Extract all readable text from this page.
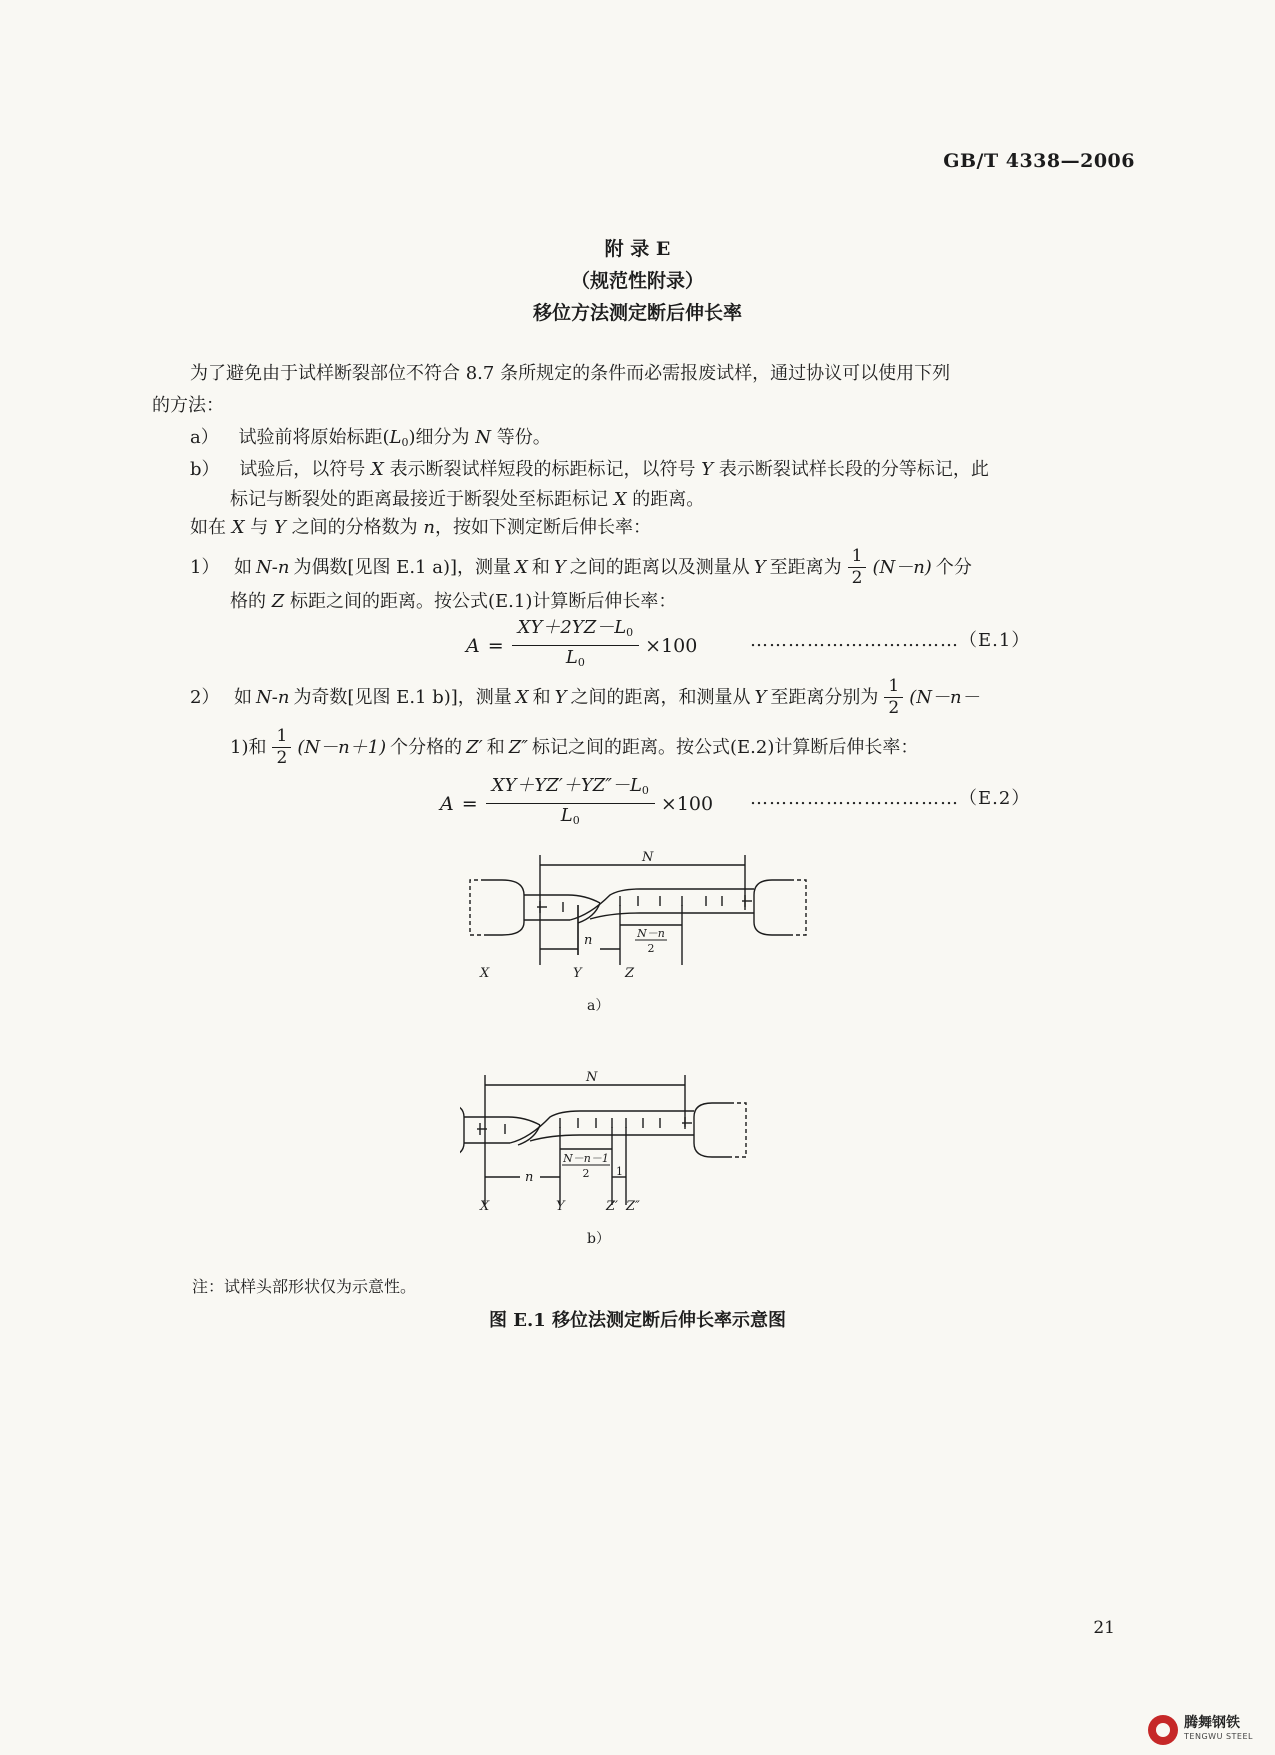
GB/T 4338—2006
附 录 E
（规范性附录）
移位方法测定断后伸长率
为了避免由于试样断裂部位不符合 8.7 条所规定的条件而必需报废试样，通过协议可以使用下列
的方法：
a） 试验前将原始标距$(L_0)$细分为 N 等份。
b） 试验后，以符号 X 表示断裂试样短段的标距标记，以符号 Y 表示断裂试样长段的分等标记，此
标记与断裂处的距离最接近于断裂处至标距标记 X 的距离。
如在 X 与 Y 之间的分格数为 n，按如下测定断后伸长率：
1） 如 N-n 为偶数[见图 E.1 a)]，测量 X 和 Y 之间的距离以及测量从 Y 至距离为 $\frac{1}{2} (N-n)$ 个分
格的 Z 标距之间的距离。按公式(E.1)计算断后伸长率：
$A = \frac{XY+2YZ-L_0}{L_0} \times 100$	……………………………（E.1）
2） 如 N-n 为奇数[见图 E.1 b)]，测量 X 和 Y 之间的距离，和测量从 Y 至距离分别为 $\frac{1}{2} (N-n-$
1)和 $\frac{1}{2} (N-n+1)$ 个分格的 Z′ 和 Z″ 标记之间的距离。按公式(E.2)计算断后伸长率：
$A = \frac{XY+YZ'+YZ''-L_0}{L_0} \times 100$ ……………………………（E.2）
N
n	N－n
2
X	Y	Z
a）
N
n
N－n－1
2 1
X	Y	Z′ Z″
b）
注：试样头部形状仅为示意性。
图 E.1 移位法测定断后伸长率示意图
21
腾舞钢铁
TENGWU STEEL
